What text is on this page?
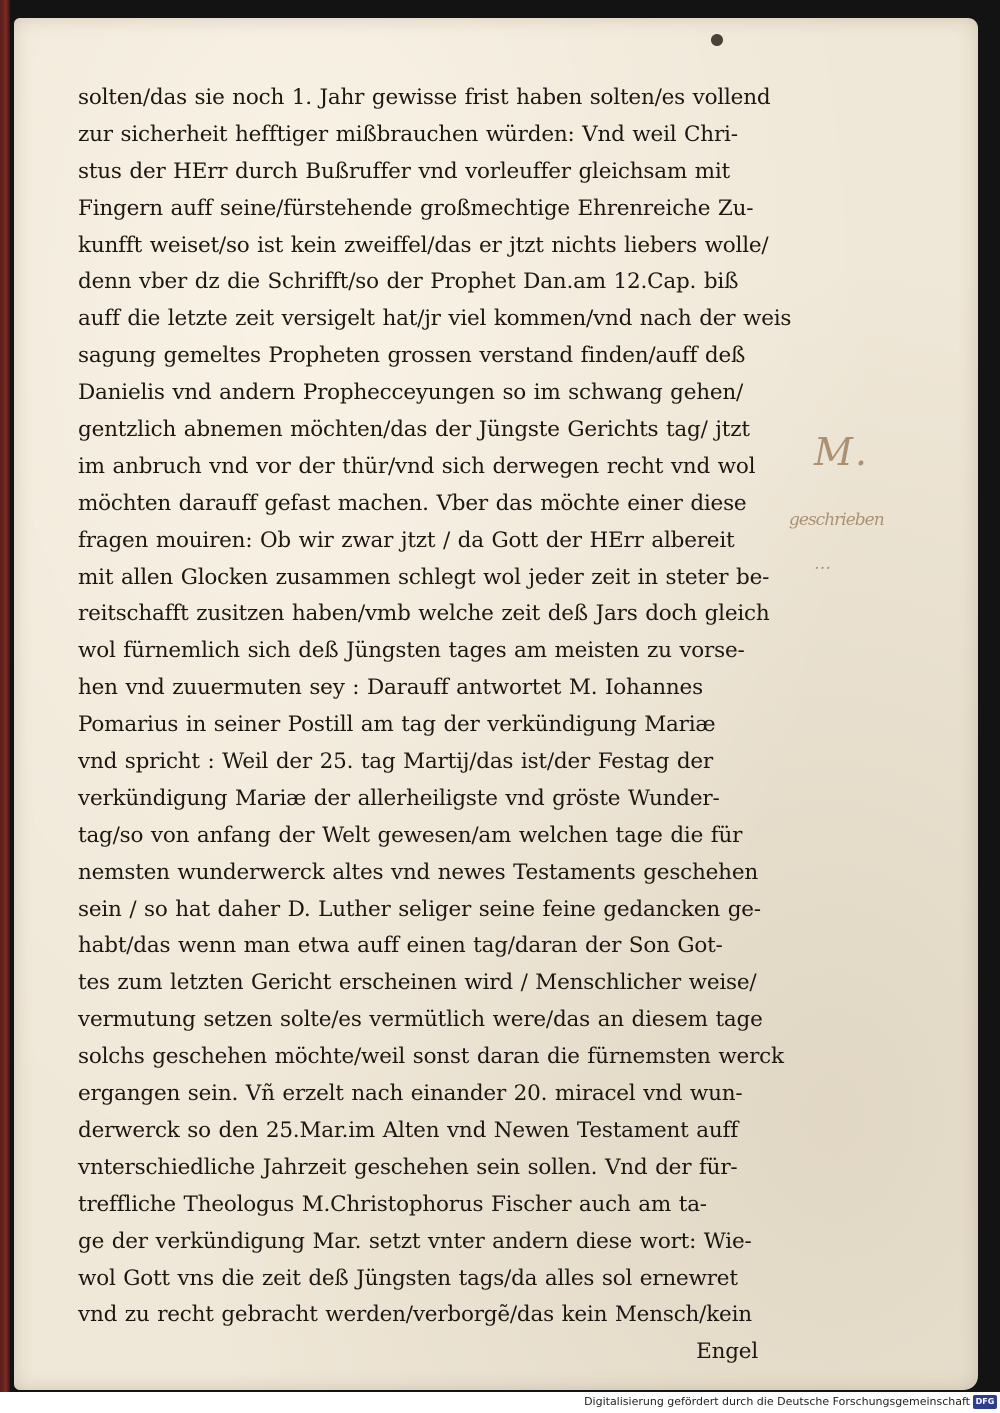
solten/das sie noch 1. Jahr gewisse frist haben solten/es vollend
zur sicherheit hefftiger mißbrauchen würden: Vnd weil Chri-
stus der HErr durch Bußruffer vnd vorleuffer gleichsam mit
Fingern auff seine/fürstehende großmechtige Ehrenreiche Zu-
kunfft weiset/so ist kein zweiffel/das er jtzt nichts liebers wolle/
denn vber dz die Schrifft/so der Prophet Dan.am 12.Cap. biß
auff die letzte zeit versigelt hat/jr viel kommen/vnd nach der weis
sagung gemeltes Propheten grossen verstand finden/auff deß
Danielis vnd andern Prophecceyungen so im schwang gehen/
gentzlich abnemen möchten/das der Jüngste Gerichts tag/ jtzt
im anbruch vnd vor der thür/vnd sich derwegen recht vnd wol
möchten darauff gefast machen. Vber das möchte einer diese
fragen mouiren: Ob wir zwar jtzt / da Gott der HErr albereit
mit allen Glocken zusammen schlegt wol jeder zeit in steter be-
reitschafft zusitzen haben/vmb welche zeit deß Jars doch gleich
wol fürnemlich sich deß Jüngsten tages am meisten zu vorse-
hen vnd zuuermuten sey : Darauff antwortet M. Iohannes
Pomarius in seiner Postill am tag der verkündigung Mariæ
vnd spricht : Weil der 25. tag Martij/das ist/der Festag der
verkündigung Mariæ der allerheiligste vnd gröste Wunder-
tag/so von anfang der Welt gewesen/am welchen tage die für
nemsten wunderwerck altes vnd newes Testaments geschehen
sein / so hat daher D. Luther seliger seine feine gedancken ge-
habt/das wenn man etwa auff einen tag/daran der Son Got-
tes zum letzten Gericht erscheinen wird / Menschlicher weise/
vermutung setzen solte/es vermütlich were/das an diesem tage
solchs geschehen möchte/weil sonst daran die fürnemsten werck
ergangen sein. Vñ erzelt nach einander 20. miracel vnd wun-
derwerck so den 25.Mar.im Alten vnd Newen Testament auff
vnterschiedliche Jahrzeit geschehen sein sollen. Vnd der für-
treffliche Theologus M.Christophorus Fischer auch am ta-
ge der verkündigung Mar. setzt vnter andern diese wort: Wie-
wol Gott vns die zeit deß Jüngsten tags/da alles sol ernewret
vnd zu recht gebracht werden/verborgẽ/das kein Mensch/kein
Engel
M.
geschrieben
…
Digitalisierung gefördert durch die Deutsche Forschungsgemeinschaft DFG
